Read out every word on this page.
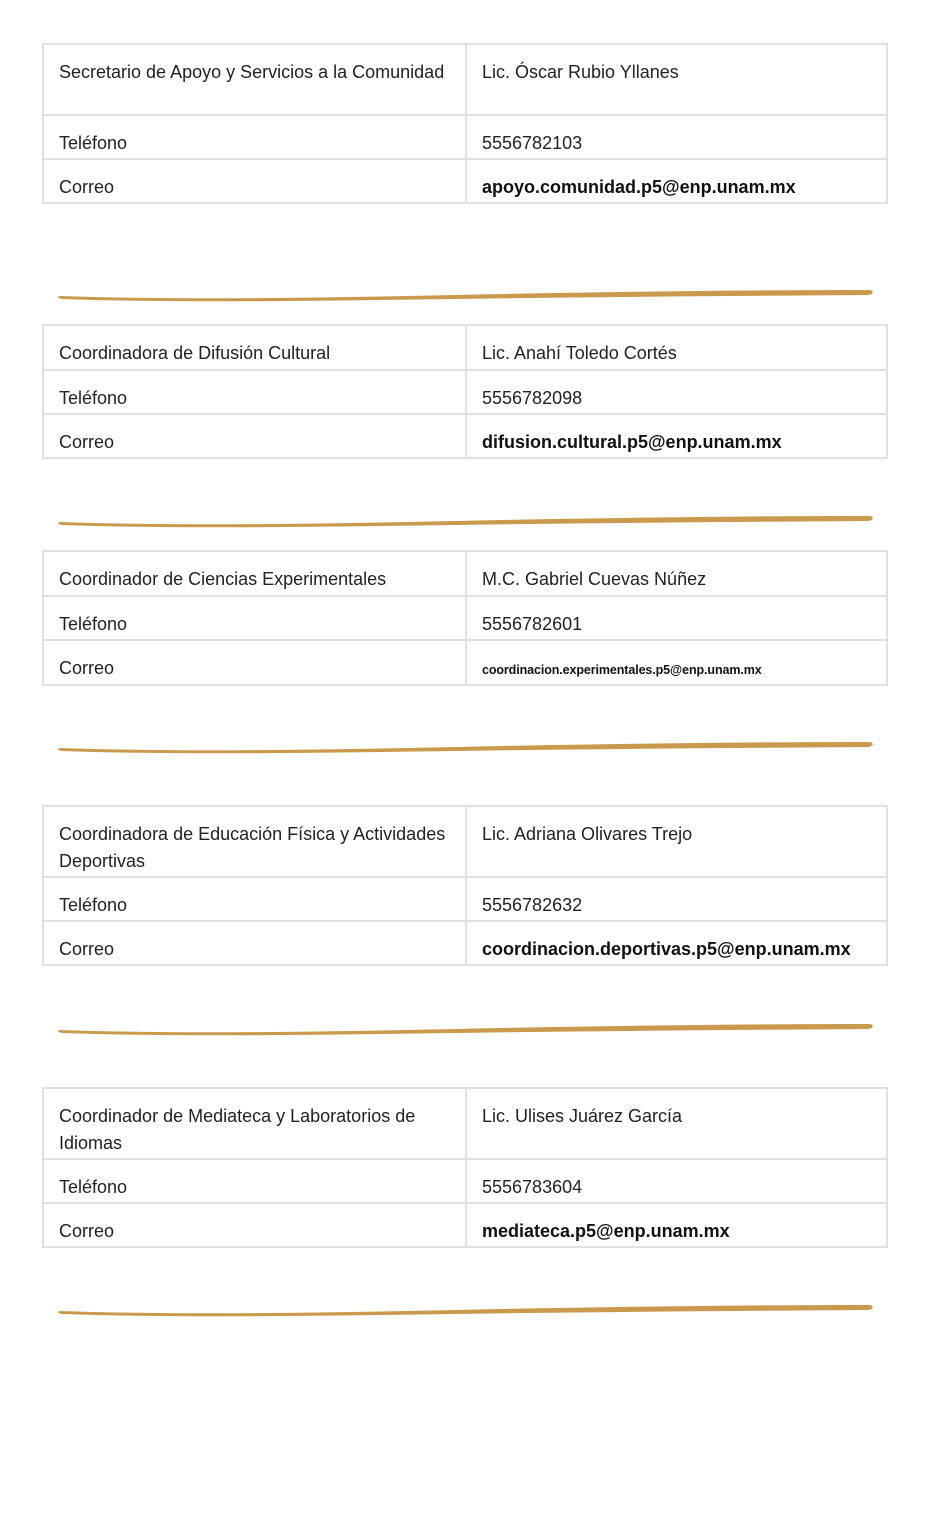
Secretario de Apoyo y Servicios a la Comunidad	Lic. Óscar Rubio Yllanes
Teléfono	5556782103
Correo	apoyo.comunidad.p5@enp.unam.mx
Coordinadora de Difusión Cultural	Lic. Anahí Toledo Cortés
Teléfono	5556782098
Correo	difusion.cultural.p5@enp.unam.mx
Coordinador de Ciencias Experimentales	M.C. Gabriel Cuevas Núñez
Teléfono	5556782601
Correo	coordinacion.experimentales.p5@enp.unam.mx
Coordinadora de Educación Física y Actividades Deportivas	Lic. Adriana Olivares Trejo
Teléfono	5556782632
Correo	coordinacion.deportivas.p5@enp.unam.mx
Coordinador de Mediateca y Laboratorios de Idiomas	Lic. Ulises Juárez García
Teléfono	5556783604
Correo	mediateca.p5@enp.unam.mx
